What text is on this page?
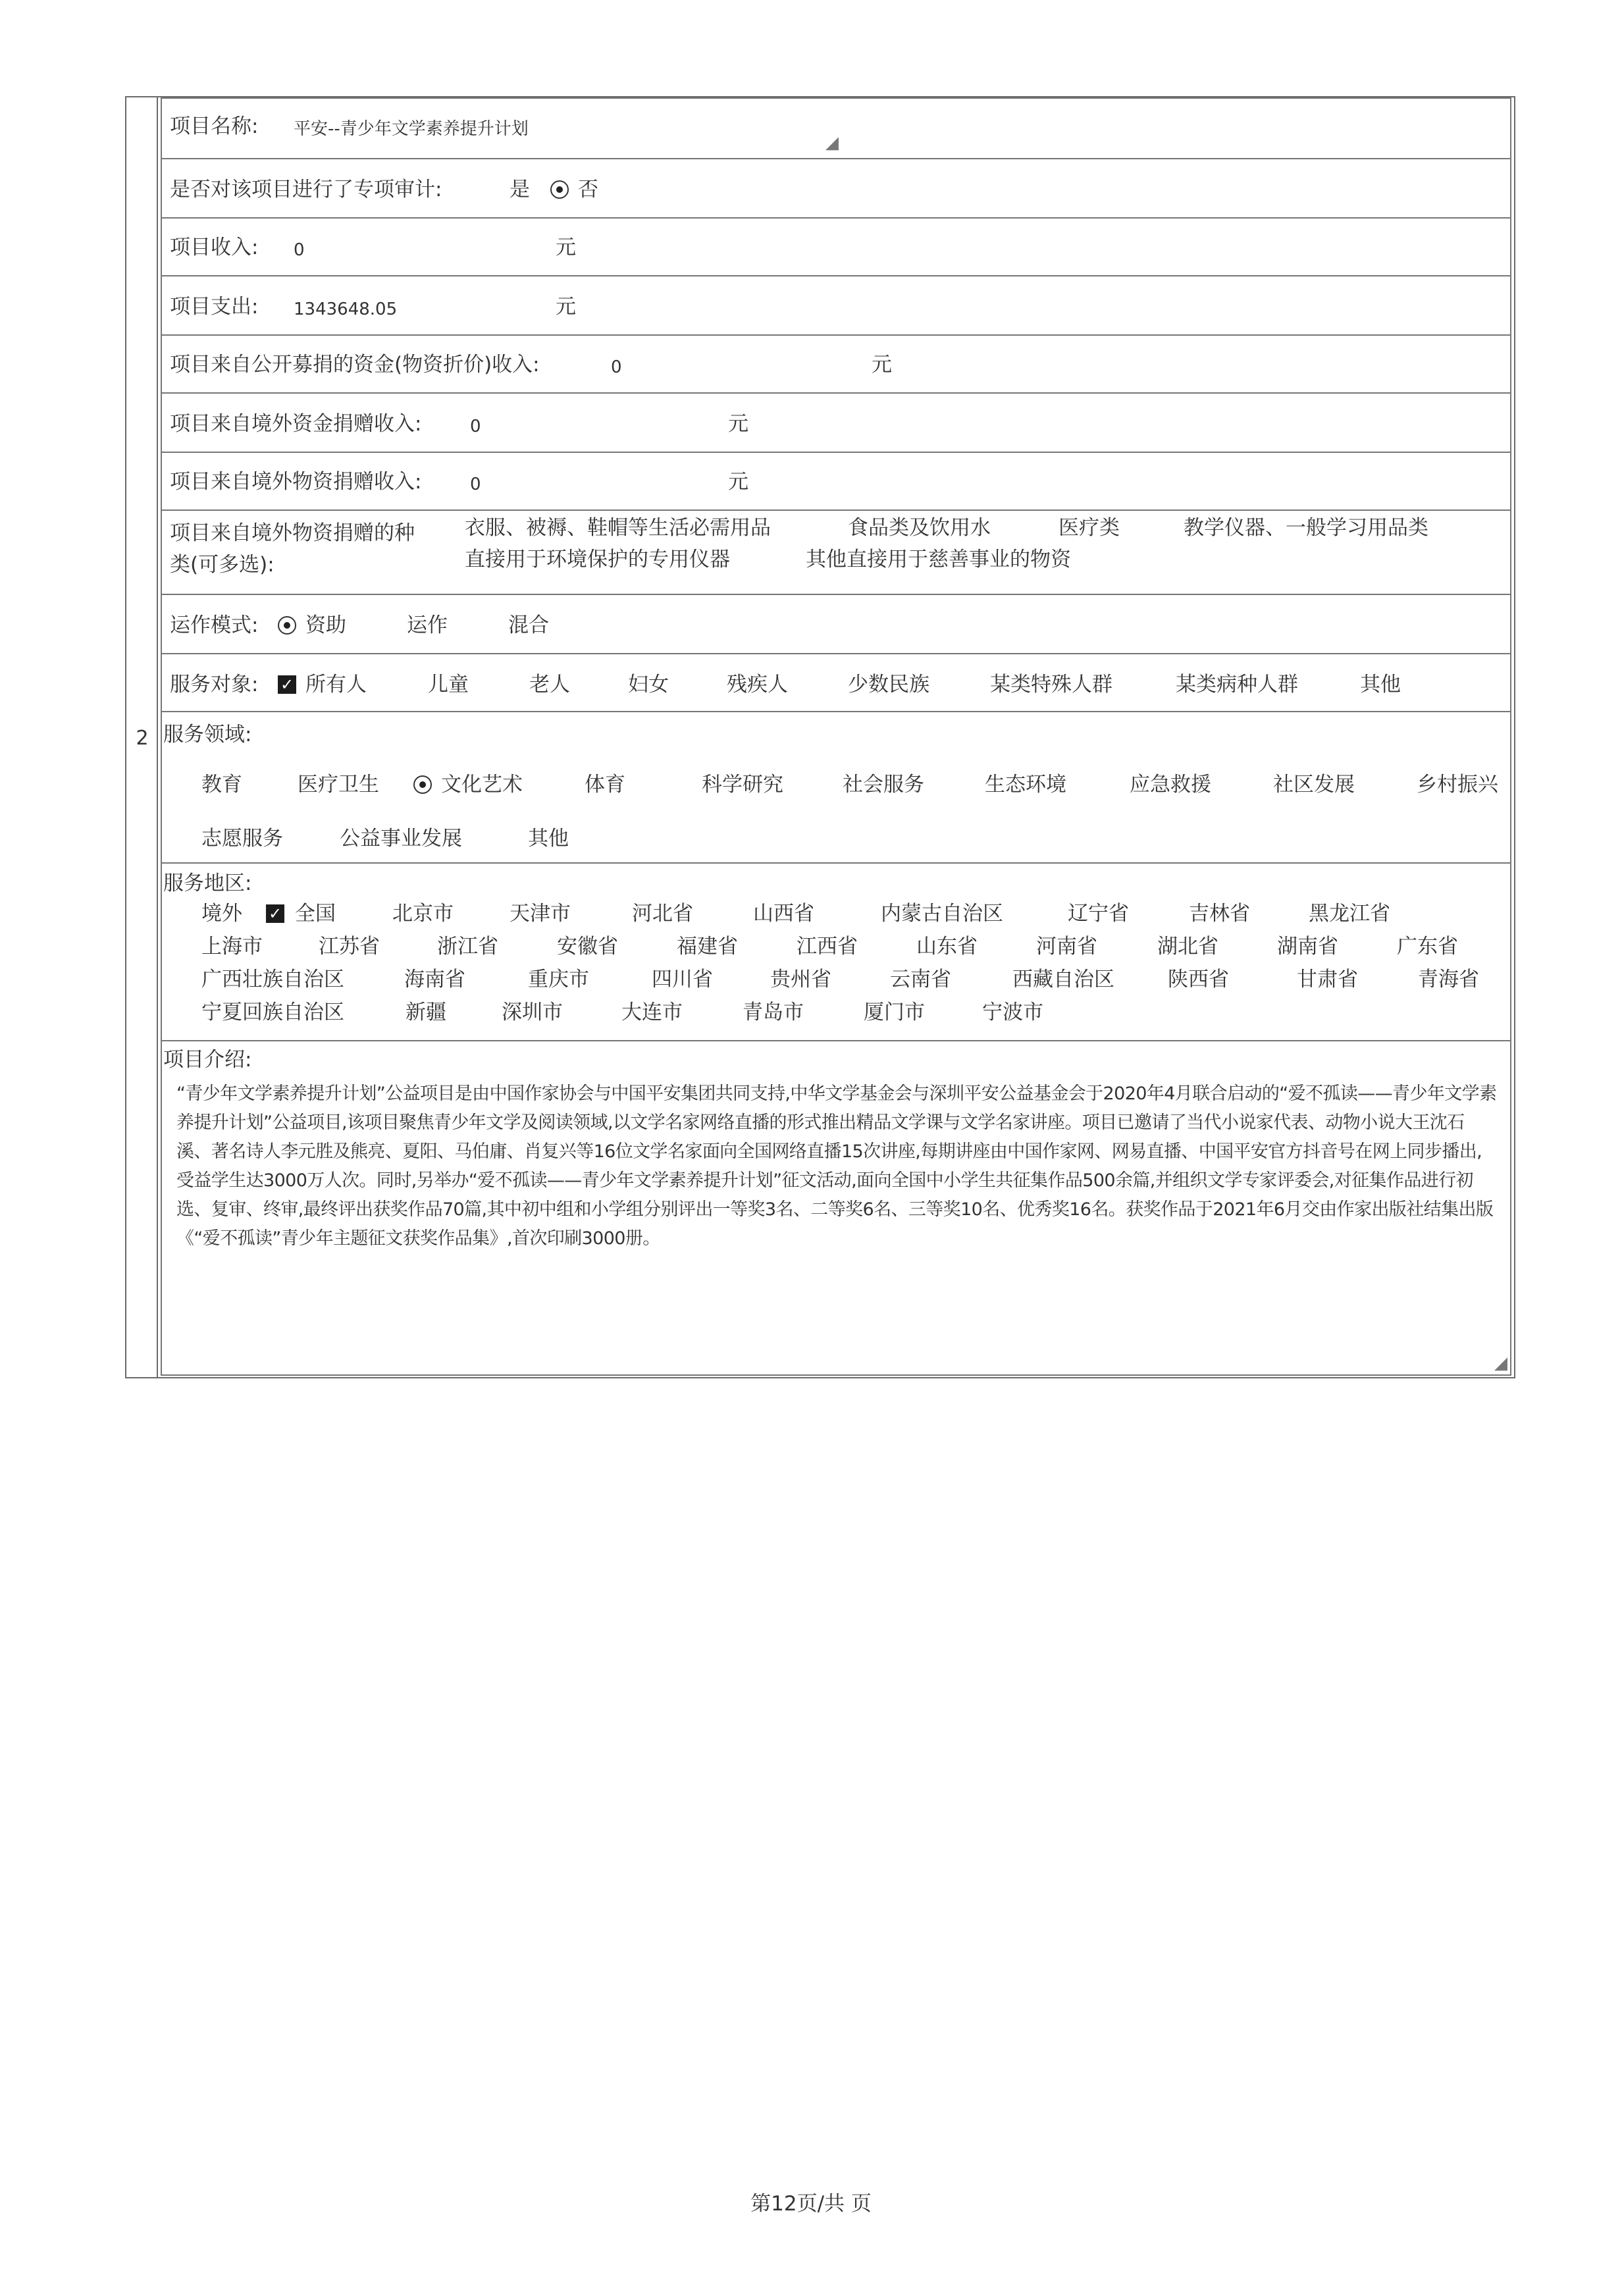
2
项目名称: 平安--青少年文学素养提升计划
◢
是否对该项目进行了专项审计:	是 否
项目收入: 0	元
项目支出: 1343648.05	元
项目来自公开募捐的资金(物资折价)收入:	0	元
项目来自境外资金捐赠收入:	0	元
项目来自境外物资捐赠收入:	0	元
项目来自境外物资捐赠的种
类(可多选):
衣服、被褥、鞋帽等生活必需用品	食品类及饮用水	医疗类	教学仪器、一般学习用品类
直接用于环境保护的专用仪器	其他直接用于慈善事业的物资
运作模式: 资助	运作	混合
服务对象: ✓ 所有人	儿童	老人	妇女	残疾人	少数民族	某类特殊人群	某类病种人群	其他
服务领域:
教育	医疗卫生	文化艺术	体育	科学研究	社会服务	生态环境	应急救援	社区发展	乡村振兴
志愿服务	公益事业发展	其他
服务地区:
境外 ✓ 全国	北京市	天津市	河北省	山西省	内蒙古自治区	辽宁省	吉林省	黑龙江省
上海市	江苏省	浙江省	安徽省	福建省	江西省	山东省	河南省	湖北省	湖南省	广东省
广西壮族自治区	海南省	重庆市	四川省	贵州省	云南省	西藏自治区	陕西省	甘肃省	青海省
宁夏回族自治区	新疆	深圳市	大连市	青岛市	厦门市	宁波市
项目介绍:
“青少年文学素养提升计划”公益项目是由中国作家协会与中国平安集团共同支持,中华文学基金会与深圳平安公益基金会于2020年4月联合启动的“爱不孤读——青少年文学素养提升计划”公益项目,该项目聚焦青少年文学及阅读领域,以文学名家网络直播的形式推出精品文学课与文学名家讲座。项目已邀请了当代小说家代表、动物小说大王沈石溪、著名诗人李元胜及熊亮、夏阳、马伯庸、肖复兴等16位文学名家面向全国网络直播15次讲座,每期讲座由中国作家网、网易直播、中国平安官方抖音号在网上同步播出,受益学生达3000万人次。同时,另举办“爱不孤读——青少年文学素养提升计划”征文活动,面向全国中小学生共征集作品500余篇,并组织文学专家评委会,对征集作品进行初选、复审、终审,最终评出获奖作品70篇,其中初中组和小学组分别评出一等奖3名、二等奖6名、三等奖10名、优秀奖16名。获奖作品于2021年6月交由作家出版社结集出版《“爱不孤读”青少年主题征文获奖作品集》,首次印刷3000册。
◢
第12页/共 页
